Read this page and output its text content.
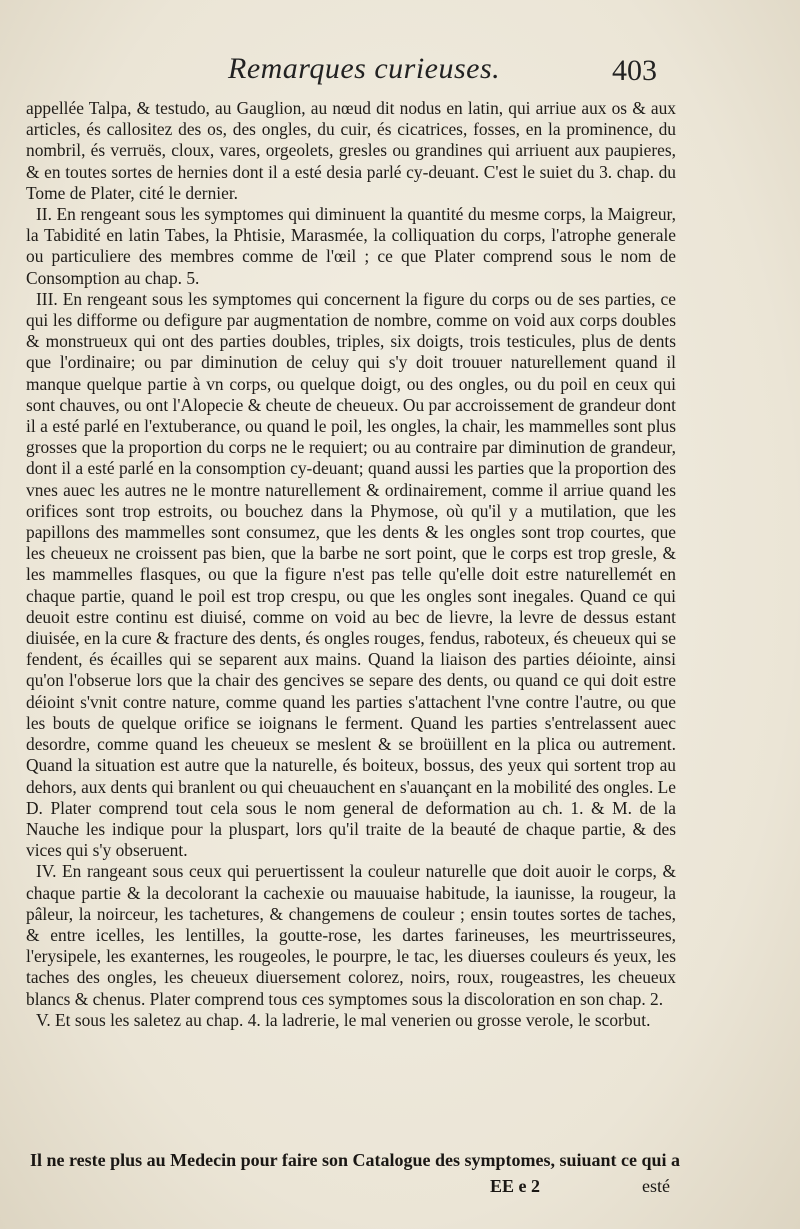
Remarques curieuses.	403

appellée Talpa, & testudo, au Gauglion, au nœud dit nodus en latin, qui arriue aux os & aux articles, és callositez des os, des ongles, du cuir, és cicatrices, fosses, en la prominence, du nombril, és verruës, cloux, vares, orgeolets, gresles ou grandines qui arriuent aux paupieres, & en toutes sortes de hernies dont il a esté desia parlé cy-deuant. C'est le suiet du 3. chap. du Tome de Plater, cité le dernier.

II. En rengeant sous les symptomes qui diminuent la quantité du mesme corps, la Maigreur, la Tabidité en latin Tabes, la Phtisie, Marasmée, la colliquation du corps, l'atrophe generale ou particuliere des membres comme de l'œil ; ce que Plater comprend sous le nom de Consomption au chap. 5.

III. En rengeant sous les symptomes qui concernent la figure du corps ou de ses parties, ce qui les difforme ou defigure par augmentation de nombre, comme on void aux corps doubles & monstrueux qui ont des parties doubles, triples, six doigts, trois testicules, plus de dents que l'ordinaire; ou par diminution de celuy qui s'y doit trouuer naturellement quand il manque quelque partie à vn corps, ou quelque doigt, ou des ongles, ou du poil en ceux qui sont chauves, ou ont l'Alopecie & cheute de cheueux. Ou par accroissement de grandeur dont il a esté parlé en l'extuberance, ou quand le poil, les ongles, la chair, les mammelles sont plus grosses que la proportion du corps ne le requiert; ou au contraire par diminution de grandeur, dont il a esté parlé en la consomption cy-deuant; quand aussi les parties que la proportion des vnes auec les autres ne le montre naturellement & ordinairement, comme il arriue quand les orifices sont trop estroits, ou bouchez dans la Phymose, où qu'il y a mutilation, que les papillons des mammelles sont consumez, que les dents & les ongles sont trop courtes, que les cheueux ne croissent pas bien, que la barbe ne sort point, que le corps est trop gresle, & les mammelles flasques, ou que la figure n'est pas telle qu'elle doit estre naturellemét en chaque partie, quand le poil est trop crespu, ou que les ongles sont inegales. Quand ce qui deuoit estre continu est diuisé, comme on void au bec de lievre, la levre de dessus estant diuisée, en la cure & fracture des dents, és ongles rouges, fendus, raboteux, és cheueux qui se fendent, és écailles qui se separent aux mains. Quand la liaison des parties déiointe, ainsi qu'on l'obserue lors que la chair des gencives se separe des dents, ou quand ce qui doit estre déioint s'vnit contre nature, comme quand les parties s'attachent l'vne contre l'autre, ou que les bouts de quelque orifice se ioignans le ferment. Quand les parties s'entrelassent auec desordre, comme quand les cheueux se meslent & se broüillent en la plica ou autrement. Quand la situation est autre que la naturelle, és boiteux, bossus, des yeux qui sortent trop au dehors, aux dents qui branlent ou qui cheuauchent en s'auançant en la mobilité des ongles. Le D. Plater comprend tout cela sous le nom general de deformation au ch. 1. & M. de la Nauche les indique pour la pluspart, lors qu'il traite de la beauté de chaque partie, & des vices qui s'y obseruent.

IV. En rangeant sous ceux qui peruertissent la couleur naturelle que doit auoir le corps, & chaque partie & la decolorant la cachexie ou mauuaise habitude, la iaunisse, la rougeur, la pâleur, la noirceur, les tachetures, & changemens de couleur ; ensin toutes sortes de taches, & entre icelles, les lentilles, la goutte-rose, les dartes farineuses, les meurtrisseures, l'erysipele, les exanternes, les rougeoles, le pourpre, le tac, les diuerses couleurs és yeux, les taches des ongles, les cheueux diuersement colorez, noirs, roux, rougeastres, les cheueux blancs & chenus. Plater comprend tous ces symptomes sous la discoloration en son chap. 2.

V. Et sous les saletez au chap. 4. la ladrerie, le mal venerien ou grosse verole, le scorbut.

Il ne reste plus au Medecin pour faire son Catalogue des symptomes, suiuant ce qui a
EE e 2	esté
